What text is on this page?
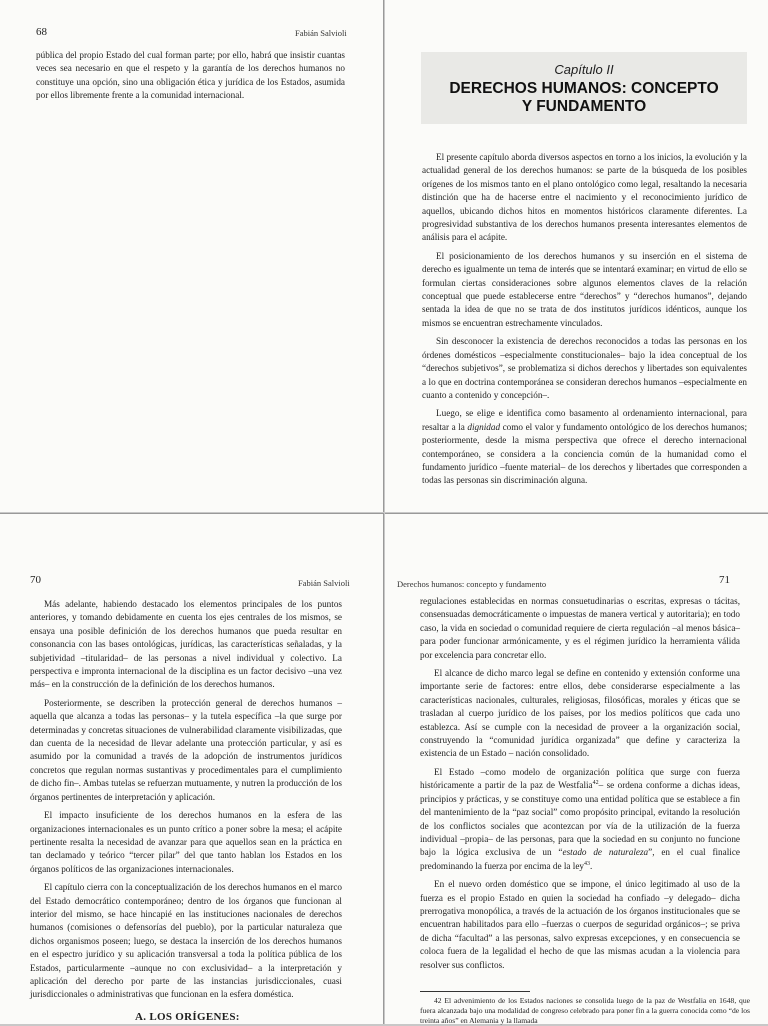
68	Fabián Salvioli

pública del propio Estado del cual forman parte; por ello, habrá que insistir cuantas veces sea necesario en que el respeto y la garantía de los derechos humanos no constituye una opción, sino una obligación ética y jurídica de los Estados, asumida por ellos libremente frente a la comunidad internacional.

Capítulo II
DERECHOS HUMANOS: CONCEPTO
Y FUNDAMENTO

El presente capítulo aborda diversos aspectos en torno a los inicios, la evolución y la actualidad general de los derechos humanos: se parte de la búsqueda de los posibles orígenes de los mismos tanto en el plano ontológico como legal, resaltando la necesaria distinción que ha de hacerse entre el nacimiento y el reconocimiento jurídico de aquellos, ubicando dichos hitos en momentos históricos claramente diferentes. La progresividad substantiva de los derechos humanos presenta interesantes elementos de análisis para el acápite.

El posicionamiento de los derechos humanos y su inserción en el sistema de derecho es igualmente un tema de interés que se intentará examinar; en virtud de ello se formulan ciertas consideraciones sobre algunos elementos claves de la relación conceptual que puede establecerse entre “derechos” y “derechos humanos”, dejando sentada la idea de que no se trata de dos institutos jurídicos idénticos, aunque los mismos se encuentran estrechamente vinculados.

Sin desconocer la existencia de derechos reconocidos a todas las personas en los órdenes domésticos –especialmente constitucionales– bajo la idea conceptual de los “derechos subjetivos”, se problematiza si dichos derechos y libertades son equivalentes a lo que en doctrina contemporánea se consideran derechos humanos –especialmente en cuanto a contenido y concepción–.

Luego, se elige e identifica como basamento al ordenamiento internacional, para resaltar a la dignidad como el valor y fundamento ontológico de los derechos humanos; posteriormente, desde la misma perspectiva que ofrece el derecho internacional contemporáneo, se considera a la conciencia común de la humanidad como el fundamento jurídico –fuente material– de los derechos y libertades que corresponden a todas las personas sin discriminación alguna.

70	Fabián Salvioli

Más adelante, habiendo destacado los elementos principales de los puntos anteriores, y tomando debidamente en cuenta los ejes centrales de los mismos, se ensaya una posible definición de los derechos humanos que pueda resultar en consonancia con las bases ontológicas, jurídicas, las características señaladas, y la subjetividad –titularidad– de las personas a nivel individual y colectivo. La perspectiva e impronta internacional de la disciplina es un factor decisivo –una vez más– en la construcción de la definición de los derechos humanos.

Posteriormente, se describen la protección general de derechos humanos –aquella que alcanza a todas las personas– y la tutela específica –la que surge por determinadas y concretas situaciones de vulnerabilidad claramente visibilizadas, que dan cuenta de la necesidad de llevar adelante una protección particular, y así es asumido por la comunidad a través de la adopción de instrumentos jurídicos concretos que regulan normas sustantivas y procedimentales para el cumplimiento de dicho fin–. Ambas tutelas se refuerzan mutuamente, y nutren la producción de los órganos pertinentes de interpretación y aplicación.

El impacto insuficiente de los derechos humanos en la esfera de las organizaciones internacionales es un punto crítico a poner sobre la mesa; el acápite pertinente resalta la necesidad de avanzar para que aquellos sean en la práctica en tan declamado y teórico “tercer pilar” del que tanto hablan los Estados en los órganos políticos de las organizaciones internacionales.

El capítulo cierra con la conceptualización de los derechos humanos en el marco del Estado democrático contemporáneo; dentro de los órganos que funcionan al interior del mismo, se hace hincapié en las instituciones nacionales de derechos humanos (comisiones o defensorías del pueblo), por la particular naturaleza que dichos organismos poseen; luego, se destaca la inserción de los derechos humanos en el espectro jurídico y su aplicación transversal a toda la política pública de los Estados, particularmente –aunque no con exclusividad– a la interpretación y aplicación del derecho por parte de las instancias jurisdiccionales, cuasi jurisdiccionales o administrativas que funcionan en la esfera doméstica.

A. LOS ORÍGENES:
Derechos humanos: concepto y fundamento	71

regulaciones establecidas en normas consuetudinarias o escritas, expresas o tácitas, consensuadas democráticamente o impuestas de manera vertical y autoritaria); en todo caso, la vida en sociedad o comunidad requiere de cierta regulación –al menos básica– para poder funcionar armónicamente, y es el régimen jurídico la herramienta válida por excelencia para concretar ello.

El alcance de dicho marco legal se define en contenido y extensión conforme una importante serie de factores: entre ellos, debe considerarse especialmente a las características nacionales, culturales, religiosas, filosóficas, morales y éticas que se trasladan al cuerpo jurídico de los países, por los medios políticos que cada uno establezca. Así se cumple con la necesidad de proveer a la organización social, construyendo la “comunidad jurídica organizada” que define y caracteriza la existencia de un Estado – nación consolidado.

El Estado –como modelo de organización política que surge con fuerza históricamente a partir de la paz de Westfalia$^{42}$– se ordena conforme a dichas ideas, principios y prácticas, y se constituye como una entidad política que se establece a fin del mantenimiento de la “paz social” como propósito principal, evitando la resolución de los conflictos sociales que acontezcan por vía de la utilización de la fuerza individual –propia– de las personas, para que la sociedad en su conjunto no funcione bajo la lógica exclusiva de un “estado de naturaleza”, en el cual finalice predominando la fuerza por encima de la ley$^{43}$.

En el nuevo orden doméstico que se impone, el único legitimado al uso de la fuerza es el propio Estado en quien la sociedad ha confiado –y delegado– dicha prerrogativa monopólica, a través de la actuación de los órganos institucionales que se encuentran habilitados para ello –fuerzas o cuerpos de seguridad orgánicos–; se priva de dicha “facultad” a las personas, salvo expresas excepciones, y en consecuencia se coloca fuera de la legalidad el hecho de que las mismas acudan a la violencia para resolver sus conflictos.

42 El advenimiento de los Estados naciones se consolida luego de la paz de Westfalia en 1648, que fuera alcanzada bajo una modalidad de congreso celebrado para poner fin a la guerra conocida como “de los treinta años” en Alemania y la llamada
